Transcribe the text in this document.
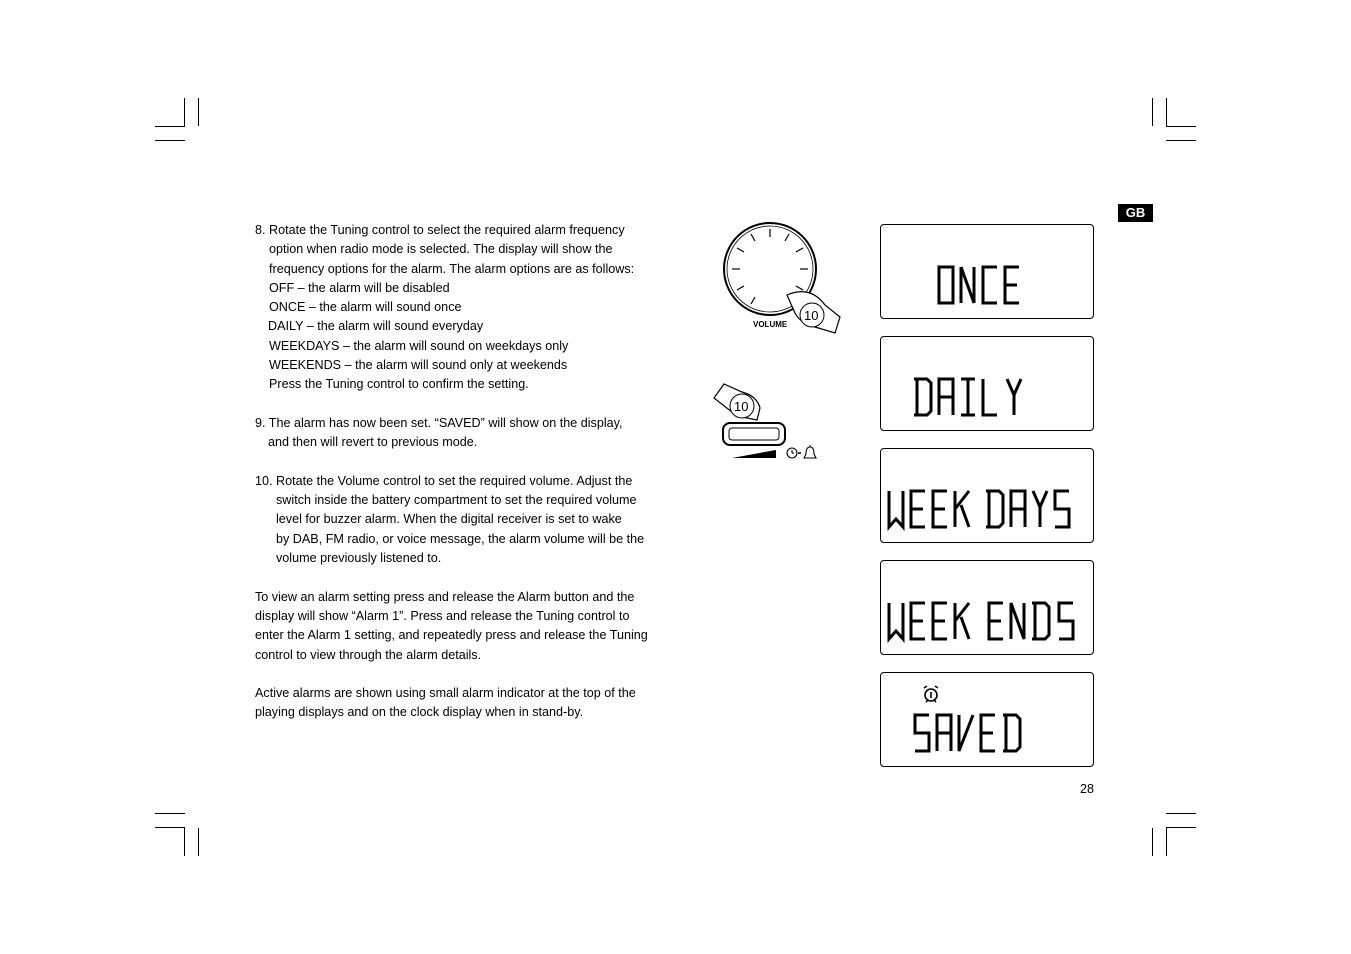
GB

8. Rotate the Tuning control to select the required alarm frequency

option when radio mode is selected. The display will show the

frequency options for the alarm. The alarm options are as follows:

OFF – the alarm will be disabled

ONCE – the alarm will sound once

DAILY – the alarm will sound everyday

WEEKDAYS – the alarm will sound on weekdays only

WEEKENDS – the alarm will sound only at weekends

Press the Tuning control to confirm the setting.

9. The alarm has now been set. “SAVED” will show on the display,

and then will revert to previous mode.

10. Rotate the Volume control to set the required volume. Adjust the

switch inside the battery compartment to set the required volume

level for buzzer alarm. When the digital receiver is set to wake

by DAB, FM radio, or voice message, the alarm volume will be the

volume previously listened to.

To view an alarm setting press and release the Alarm button and the

display will show “Alarm 1”. Press and release the Tuning control to

enter the Alarm 1 setting, and repeatedly press and release the Tuning

control to view through the alarm details.

Active alarms are shown using small alarm indicator at the top of the

playing displays and on the clock display when in stand-by.

10
VOLUME
10
28
